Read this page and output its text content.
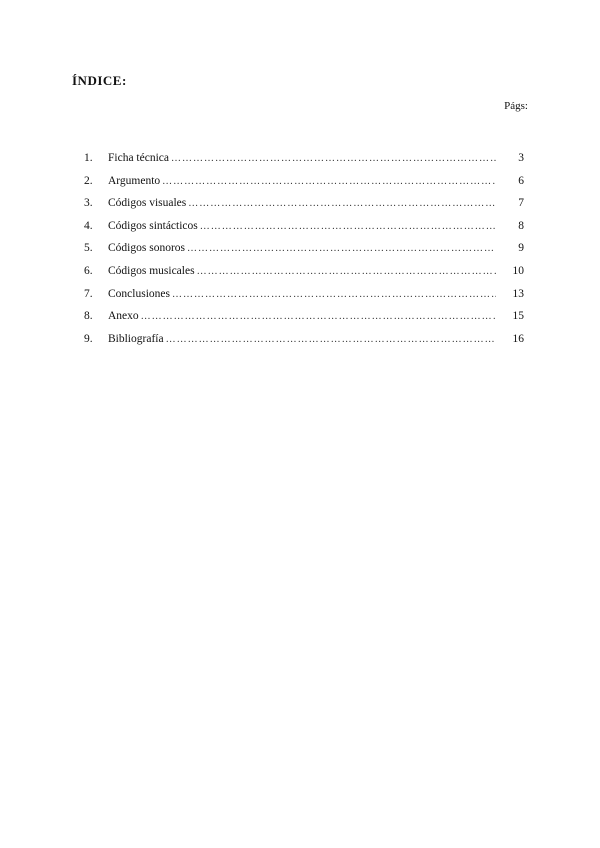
ÍNDICE:
Págs:
1.	Ficha técnica ………………………………………………………………………………………………………………………………………………	3
2.	Argumento ………………………………………………………………………………………………………………………………………………	6
3.	Códigos visuales ………………………………………………………………………………………………………………………………………………	7
4.	Códigos sintácticos ………………………………………………………………………………………………………………………………………………	8
5.	Códigos sonoros ………………………………………………………………………………………………………………………………………………	9
6.	Códigos musicales ………………………………………………………………………………………………………………………………………………	10
7.	Conclusiones ………………………………………………………………………………………………………………………………………………	13
8.	Anexo ………………………………………………………………………………………………………………………………………………	15
9.	Bibliografía ………………………………………………………………………………………………………………………………………………	16
